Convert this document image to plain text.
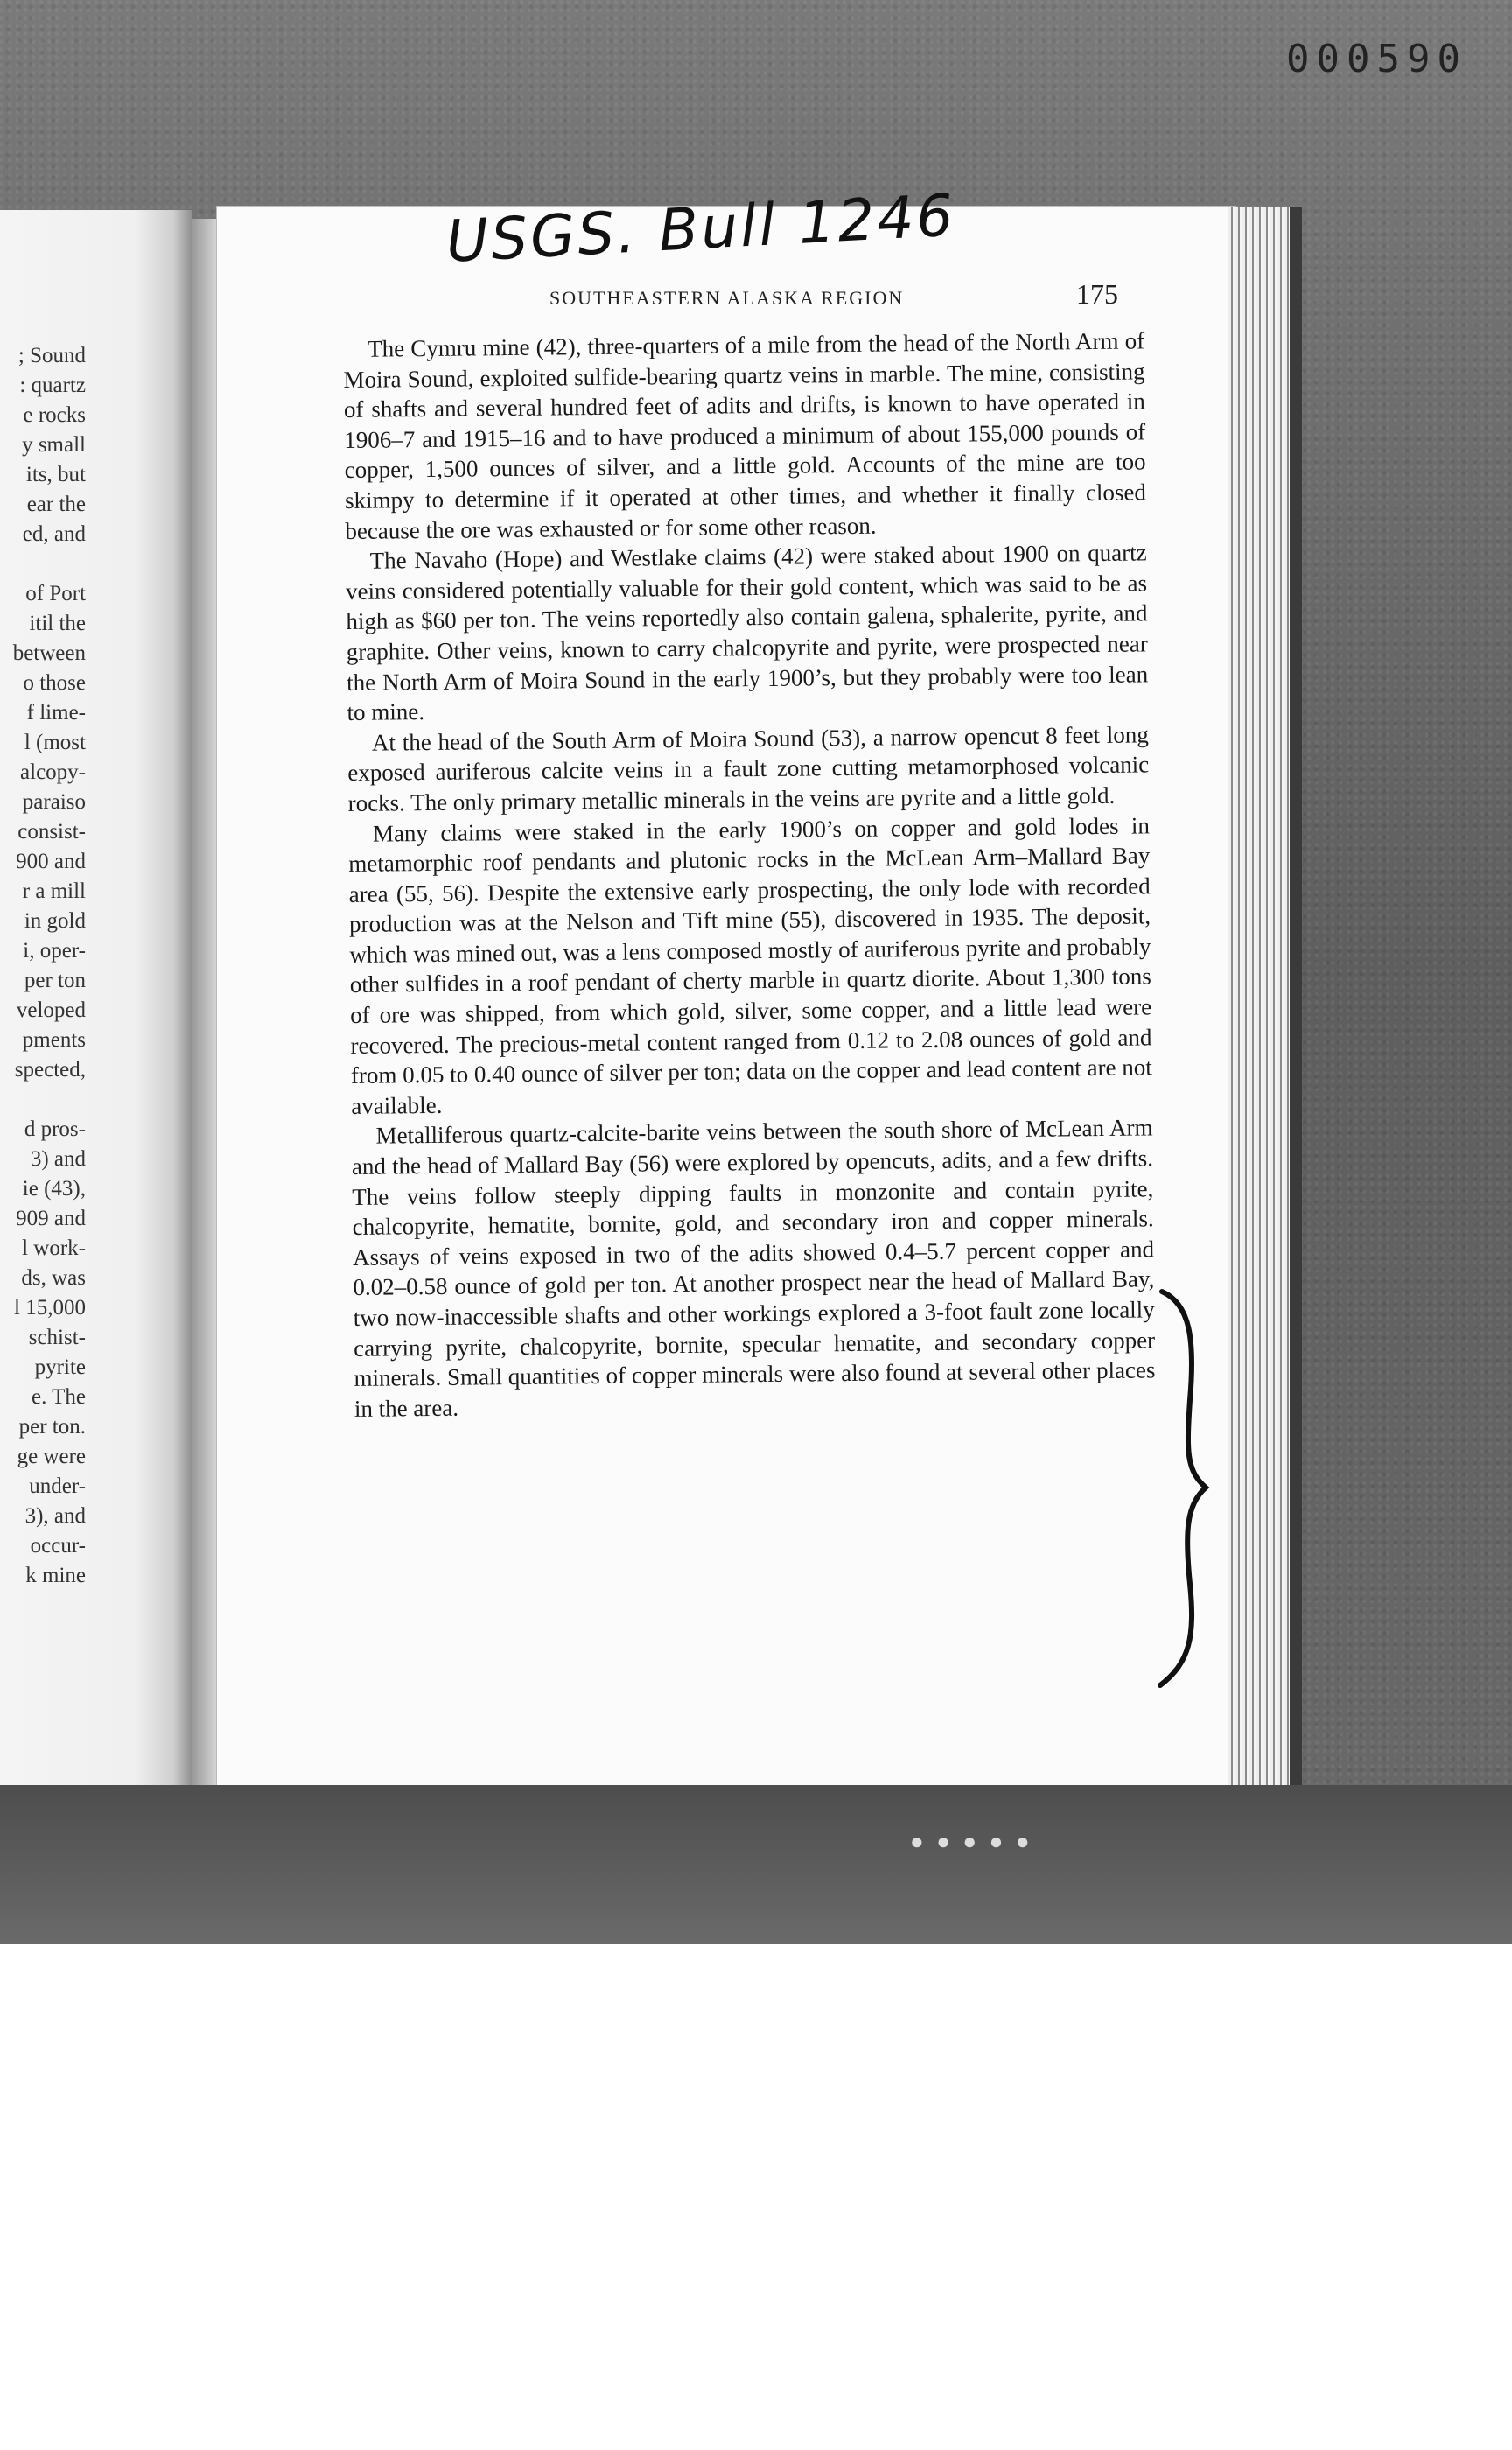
000590
; Sound
: quartz
e rocks
y small
its, but
ear the
ed, and
of Port
itil the
between
o those
f lime-
l (most
alcopy-
paraiso
consist-
900 and
r a mill
in gold
i, oper-
per ton
veloped
pments
spected,
d pros-
3) and
ie (43),
909 and
l work-
ds, was
l 15,000
schist-
pyrite
e. The
per ton.
ge were
under-
3), and
occur-
k mine
USGS. Bull 1246
SOUTHEASTERN ALASKA REGION	175

The Cymru mine (42), three-quarters of a mile from the head of the North Arm of Moira Sound, exploited sulfide-bearing quartz veins in marble. The mine, consisting of shafts and several hundred feet of adits and drifts, is known to have operated in 1906–7 and 1915–16 and to have produced a minimum of about 155,000 pounds of copper, 1,500 ounces of silver, and a little gold. Accounts of the mine are too skimpy to determine if it operated at other times, and whether it finally closed because the ore was exhausted or for some other reason.

The Navaho (Hope) and Westlake claims (42) were staked about 1900 on quartz veins considered potentially valuable for their gold content, which was said to be as high as $60 per ton. The veins reportedly also contain galena, sphalerite, pyrite, and graphite. Other veins, known to carry chalcopyrite and pyrite, were prospected near the North Arm of Moira Sound in the early 1900’s, but they probably were too lean to mine.

At the head of the South Arm of Moira Sound (53), a narrow opencut 8 feet long exposed auriferous calcite veins in a fault zone cutting metamorphosed volcanic rocks. The only primary metallic minerals in the veins are pyrite and a little gold.

Many claims were staked in the early 1900’s on copper and gold lodes in metamorphic roof pendants and plutonic rocks in the McLean Arm–Mallard Bay area (55, 56). Despite the extensive early prospecting, the only lode with recorded production was at the Nelson and Tift mine (55), discovered in 1935. The deposit, which was mined out, was a lens composed mostly of auriferous pyrite and probably other sulfides in a roof pendant of cherty marble in quartz diorite. About 1,300 tons of ore was shipped, from which gold, silver, some copper, and a little lead were recovered. The precious-metal content ranged from 0.12 to 2.08 ounces of gold and from 0.05 to 0.40 ounce of silver per ton; data on the copper and lead content are not available.

Metalliferous quartz-calcite-barite veins between the south shore of McLean Arm and the head of Mallard Bay (56) were explored by opencuts, adits, and a few drifts. The veins follow steeply dipping faults in monzonite and contain pyrite, chalcopyrite, hematite, bornite, gold, and secondary iron and copper minerals. Assays of veins exposed in two of the adits showed 0.4–5.7 percent copper and 0.02–0.58 ounce of gold per ton. At another prospect near the head of Mallard Bay, two now-inaccessible shafts and other workings explored a 3-foot fault zone locally carrying pyrite, chalcopyrite, bornite, specular hematite, and secondary copper minerals. Small quantities of copper minerals were also found at several other places in the area.

● ● ● ● ●
